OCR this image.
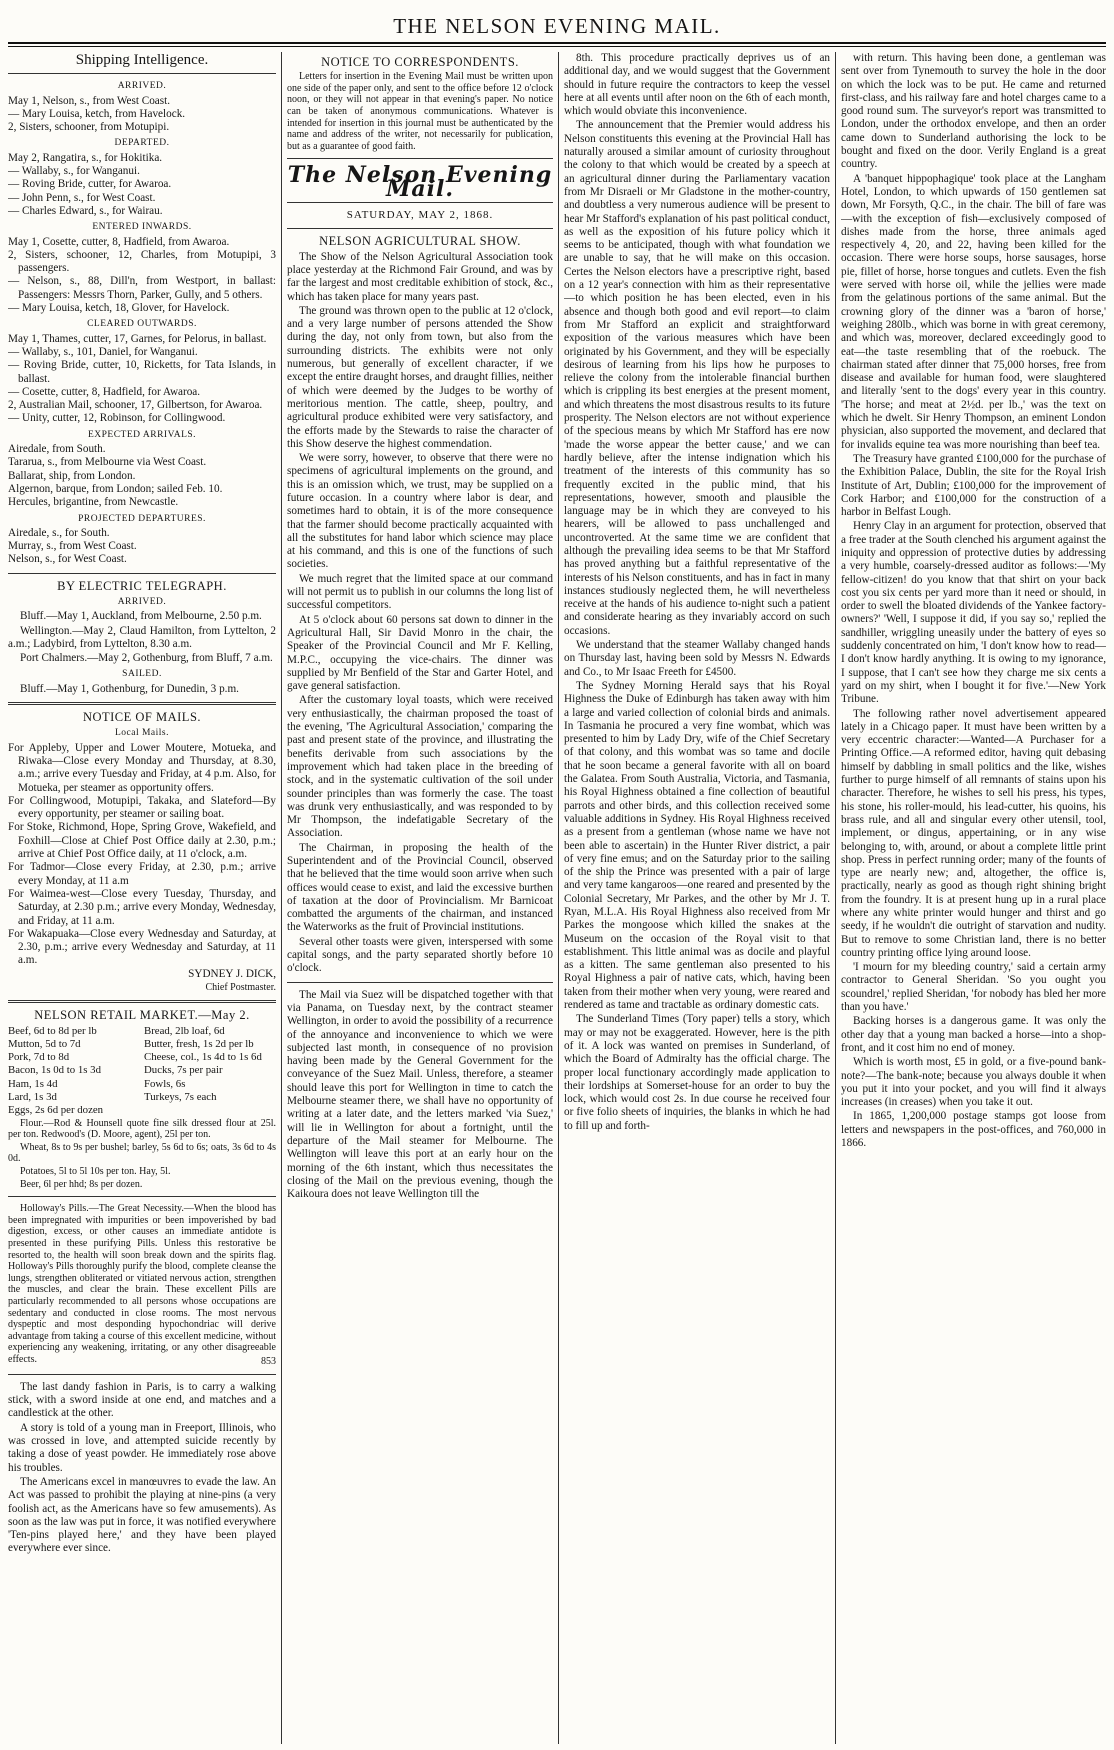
THE NELSON EVENING MAIL.
Shipping Intelligence.
ARRIVED.
May 1, Nelson, s., from West Coast.
— Mary Louisa, ketch, from Havelock.
2, Sisters, schooner, from Motupipi.
DEPARTED.
May 2, Rangatira, s., for Hokitika.
— Wallaby, s., for Wanganui.
— Roving Bride, cutter, for Awaroa.
— John Penn, s., for West Coast.
— Charles Edward, s., for Wairau.
ENTERED INWARDS.
May 1, Cosette, cutter, 8, Hadfield, from Awaroa.
2, Sisters, schooner, 12, Charles, from Motupipi, 3 passengers.
— Nelson, s., 88, Dill'n, from Westport, in ballast: Passengers: Messrs Thorn, Parker, Gully, and 5 others.
— Mary Louisa, ketch, 18, Glover, for Havelock.
CLEARED OUTWARDS.
May 1, Thames, cutter, 17, Garnes, for Pelorus, in ballast.
— Wallaby, s., 101, Daniel, for Wanganui.
— Roving Bride, cutter, 10, Ricketts, for Tata Islands, in ballast.
— Cosette, cutter, 8, Hadfield, for Awaroa.
2, Australian Mail, schooner, 17, Gilbertson, for Awaroa.
— Unity, cutter, 12, Robinson, for Collingwood.
EXPECTED ARRIVALS.
Airedale, from South.
Tararua, s., from Melbourne via West Coast.
Ballarat, ship, from London.
Algernon, barque, from London; sailed Feb. 10.
Hercules, brigantine, from Newcastle.
PROJECTED DEPARTURES.
Airedale, s., for South.
Murray, s., from West Coast.
Nelson, s., for West Coast.
BY ELECTRIC TELEGRAPH.
ARRIVED.

Bluff.—May 1, Auckland, from Melbourne, 2.50 p.m.

Wellington.—May 2, Claud Hamilton, from Lyttelton, 2 a.m.; Ladybird, from Lyttelton, 8.30 a.m.

Port Chalmers.—May 2, Gothenburg, from Bluff, 7 a.m.

SAILED.

Bluff.—May 1, Gothenburg, for Dunedin, 3 p.m.

NOTICE OF MAILS.
Local Mails.
For Appleby, Upper and Lower Moutere, Motueka, and Riwaka—Close every Monday and Thursday, at 8.30, a.m.; arrive every Tuesday and Friday, at 4 p.m. Also, for Motueka, per steamer as opportunity offers.
For Collingwood, Motupipi, Takaka, and Slateford—By every opportunity, per steamer or sailing boat.
For Stoke, Richmond, Hope, Spring Grove, Wakefield, and Foxhill—Close at Chief Post Office daily at 2.30, p.m.; arrive at Chief Post Office daily, at 11 o'clock, a.m.
For Tadmor—Close every Friday, at 2.30, p.m.; arrive every Monday, at 11 a.m
For Waimea-west—Close every Tuesday, Thursday, and Saturday, at 2.30 p.m.; arrive every Monday, Wednesday, and Friday, at 11 a.m.
For Wakapuaka—Close every Wednesday and Saturday, at 2.30, p.m.; arrive every Wednesday and Saturday, at 11 a.m.
SYDNEY J. DICK,
Chief Postmaster.
NELSON RETAIL MARKET.—May 2.
Beef, 6d to 8d per lb
Mutton, 5d to 7d
Pork, 7d to 8d
Bacon, 1s 0d to 1s 3d
Ham, 1s 4d
Lard, 1s 3d
Eggs, 2s 6d per dozen
Bread, 2lb loaf, 6d
Butter, fresh, 1s 2d per lb
Cheese, col., 1s 4d to 1s 6d
Ducks, 7s per pair
Fowls, 6s
Turkeys, 7s each

Flour.—Rod & Hounsell quote fine silk dressed flour at 25l. per ton. Redwood's (D. Moore, agent), 25l per ton.

Wheat, 8s to 9s per bushel; barley, 5s 6d to 6s; oats, 3s 6d to 4s 0d.

Potatoes, 5l to 5l 10s per ton. Hay, 5l.

Beer, 6l per hhd; 8s per dozen.

Holloway's Pills.—The Great Necessity.—When the blood has been impregnated with impurities or been impoverished by bad digestion, excess, or other causes an immediate antidote is presented in these purifying Pills. Unless this restorative be resorted to, the health will soon break down and the spirits flag. Holloway's Pills thoroughly purify the blood, complete cleanse the lungs, strengthen obliterated or vitiated nervous action, strengthen the muscles, and clear the brain. These excellent Pills are particularly recommended to all persons whose occupations are sedentary and conducted in close rooms. The most nervous dyspeptic and most desponding hypochondriac will derive advantage from taking a course of this excellent medicine, without experiencing any weakening, irritating, or any other disagreeable effects.	853

The last dandy fashion in Paris, is to carry a walking stick, with a sword inside at one end, and matches and a candlestick at the other.

A story is told of a young man in Freeport, Illinois, who was crossed in love, and attempted suicide recently by taking a dose of yeast powder. He immediately rose above his troubles.

The Americans excel in manœuvres to evade the law. An Act was passed to prohibit the playing at nine-pins (a very foolish act, as the Americans have so few amusements). As soon as the law was put in force, it was notified everywhere 'Ten-pins played here,' and they have been played everywhere ever since.

NOTICE TO CORRESPONDENTS.

Letters for insertion in the Evening Mail must be written upon one side of the paper only, and sent to the office before 12 o'clock noon, or they will not appear in that evening's paper. No notice can be taken of anonymous communications. Whatever is intended for insertion in this journal must be authenticated by the name and address of the writer, not necessarily for publication, but as a guarantee of good faith.

The Nelson Evening Mail.
SATURDAY, MAY 2, 1868.
NELSON AGRICULTURAL SHOW.

The Show of the Nelson Agricultural Association took place yesterday at the Richmond Fair Ground, and was by far the largest and most creditable exhibition of stock, &c., which has taken place for many years past.

The ground was thrown open to the public at 12 o'clock, and a very large number of persons attended the Show during the day, not only from town, but also from the surrounding districts. The exhibits were not only numerous, but generally of excellent character, if we except the entire draught horses, and draught fillies, neither of which were deemed by the Judges to be worthy of meritorious mention. The cattle, sheep, poultry, and agricultural produce exhibited were very satisfactory, and the efforts made by the Stewards to raise the character of this Show deserve the highest commendation.

We were sorry, however, to observe that there were no specimens of agricultural implements on the ground, and this is an omission which, we trust, may be supplied on a future occasion. In a country where labor is dear, and sometimes hard to obtain, it is of the more consequence that the farmer should become practically acquainted with all the substitutes for hand labor which science may place at his command, and this is one of the functions of such societies.

We much regret that the limited space at our command will not permit us to publish in our columns the long list of successful competitors.

At 5 o'clock about 60 persons sat down to dinner in the Agricultural Hall, Sir David Monro in the chair, the Speaker of the Provincial Council and Mr F. Kelling, M.P.C., occupying the vice-chairs. The dinner was supplied by Mr Benfield of the Star and Garter Hotel, and gave general satisfaction.

After the customary loyal toasts, which were received very enthusiastically, the chairman proposed the toast of the evening, 'The Agricultural Association,' comparing the past and present state of the province, and illustrating the benefits derivable from such associations by the improvement which had taken place in the breeding of stock, and in the systematic cultivation of the soil under sounder principles than was formerly the case. The toast was drunk very enthusiastically, and was responded to by Mr Thompson, the indefatigable Secretary of the Association.

The Chairman, in proposing the health of the Superintendent and of the Provincial Council, observed that he believed that the time would soon arrive when such offices would cease to exist, and laid the excessive burthen of taxation at the door of Provincialism. Mr Barnicoat combatted the arguments of the chairman, and instanced the Waterworks as the fruit of Provincial institutions.

Several other toasts were given, interspersed with some capital songs, and the party separated shortly before 10 o'clock.

The Mail via Suez will be dispatched together with that via Panama, on Tuesday next, by the contract steamer Wellington, in order to avoid the possibility of a recurrence of the annoyance and inconvenience to which we were subjected last month, in consequence of no provision having been made by the General Government for the conveyance of the Suez Mail. Unless, therefore, a steamer should leave this port for Wellington in time to catch the Melbourne steamer there, we shall have no opportunity of writing at a later date, and the letters marked 'via Suez,' will lie in Wellington for about a fortnight, until the departure of the Mail steamer for Melbourne. The Wellington will leave this port at an early hour on the morning of the 6th instant, which thus necessitates the closing of the Mail on the previous evening, though the Kaikoura does not leave Wellington till the

8th. This procedure practically deprives us of an additional day, and we would suggest that the Government should in future require the contractors to keep the vessel here at all events until after noon on the 6th of each month, which would obviate this inconvenience.

The announcement that the Premier would address his Nelson constituents this evening at the Provincial Hall has naturally aroused a similar amount of curiosity throughout the colony to that which would be created by a speech at an agricultural dinner during the Parliamentary vacation from Mr Disraeli or Mr Gladstone in the mother-country, and doubtless a very numerous audience will be present to hear Mr Stafford's explanation of his past political conduct, as well as the exposition of his future policy which it seems to be anticipated, though with what foundation we are unable to say, that he will make on this occasion. Certes the Nelson electors have a prescriptive right, based on a 12 year's connection with him as their representative—to which position he has been elected, even in his absence and though both good and evil report—to claim from Mr Stafford an explicit and straightforward exposition of the various measures which have been originated by his Government, and they will be especially desirous of learning from his lips how he purposes to relieve the colony from the intolerable financial burthen which is crippling its best energies at the present moment, and which threatens the most disastrous results to its future prosperity. The Nelson electors are not without experience of the specious means by which Mr Stafford has ere now 'made the worse appear the better cause,' and we can hardly believe, after the intense indignation which his treatment of the interests of this community has so frequently excited in the public mind, that his representations, however, smooth and plausible the language may be in which they are conveyed to his hearers, will be allowed to pass unchallenged and uncontroverted. At the same time we are confident that although the prevailing idea seems to be that Mr Stafford has proved anything but a faithful representative of the interests of his Nelson constituents, and has in fact in many instances studiously neglected them, he will nevertheless receive at the hands of his audience to-night such a patient and considerate hearing as they invariably accord on such occasions.

We understand that the steamer Wallaby changed hands on Thursday last, having been sold by Messrs N. Edwards and Co., to Mr Isaac Freeth for £4500.

The Sydney Morning Herald says that his Royal Highness the Duke of Edinburgh has taken away with him a large and varied collection of colonial birds and animals. In Tasmania he procured a very fine wombat, which was presented to him by Lady Dry, wife of the Chief Secretary of that colony, and this wombat was so tame and docile that he soon became a general favorite with all on board the Galatea. From South Australia, Victoria, and Tasmania, his Royal Highness obtained a fine collection of beautiful parrots and other birds, and this collection received some valuable additions in Sydney. His Royal Highness received as a present from a gentleman (whose name we have not been able to ascertain) in the Hunter River district, a pair of very fine emus; and on the Saturday prior to the sailing of the ship the Prince was presented with a pair of large and very tame kangaroos—one reared and presented by the Colonial Secretary, Mr Parkes, and the other by Mr J. T. Ryan, M.L.A. His Royal Highness also received from Mr Parkes the mongoose which killed the snakes at the Museum on the occasion of the Royal visit to that establishment. This little animal was as docile and playful as a kitten. The same gentleman also presented to his Royal Highness a pair of native cats, which, having been taken from their mother when very young, were reared and rendered as tame and tractable as ordinary domestic cats.

The Sunderland Times (Tory paper) tells a story, which may or may not be exaggerated. However, here is the pith of it. A lock was wanted on premises in Sunderland, of which the Board of Admiralty has the official charge. The proper local functionary accordingly made application to their lordships at Somerset-house for an order to buy the lock, which would cost 2s. In due course he received four or five folio sheets of inquiries, the blanks in which he had to fill up and forth-

with return. This having been done, a gentleman was sent over from Tynemouth to survey the hole in the door on which the lock was to be put. He came and returned first-class, and his railway fare and hotel charges came to a good round sum. The surveyor's report was transmitted to London, under the orthodox envelope, and then an order came down to Sunderland authorising the lock to be bought and fixed on the door. Verily England is a great country.

A 'banquet hippophagique' took place at the Langham Hotel, London, to which upwards of 150 gentlemen sat down, Mr Forsyth, Q.C., in the chair. The bill of fare was—with the exception of fish—exclusively composed of dishes made from the horse, three animals aged respectively 4, 20, and 22, having been killed for the occasion. There were horse soups, horse sausages, horse pie, fillet of horse, horse tongues and cutlets. Even the fish were served with horse oil, while the jellies were made from the gelatinous portions of the same animal. But the crowning glory of the dinner was a 'baron of horse,' weighing 280lb., which was borne in with great ceremony, and which was, moreover, declared exceedingly good to eat—the taste resembling that of the roebuck. The chairman stated after dinner that 75,000 horses, free from disease and available for human food, were slaughtered and literally 'sent to the dogs' every year in this country. 'The horse; and meat at 2½d. per lb.,' was the text on which he dwelt. Sir Henry Thompson, an eminent London physician, also supported the movement, and declared that for invalids equine tea was more nourishing than beef tea.

The Treasury have granted £100,000 for the purchase of the Exhibition Palace, Dublin, the site for the Royal Irish Institute of Art, Dublin; £100,000 for the improvement of Cork Harbor; and £100,000 for the construction of a harbor in Belfast Lough.

Henry Clay in an argument for protection, observed that a free trader at the South clenched his argument against the iniquity and oppression of protective duties by addressing a very humble, coarsely-dressed auditor as follows:—'My fellow-citizen! do you know that that shirt on your back cost you six cents per yard more than it need or should, in order to swell the bloated dividends of the Yankee factory-owners?' 'Well, I suppose it did, if you say so,' replied the sandhiller, wriggling uneasily under the battery of eyes so suddenly concentrated on him, 'I don't know how to read—I don't know hardly anything. It is owing to my ignorance, I suppose, that I can't see how they charge me six cents a yard on my shirt, when I bought it for five.'—New York Tribune.

The following rather novel advertisement appeared lately in a Chicago paper. It must have been written by a very eccentric character:—Wanted—A Purchaser for a Printing Office.—A reformed editor, having quit debasing himself by dabbling in small politics and the like, wishes further to purge himself of all remnants of stains upon his character. Therefore, he wishes to sell his press, his types, his stone, his roller-mould, his lead-cutter, his quoins, his brass rule, and all and singular every other utensil, tool, implement, or dingus, appertaining, or in any wise belonging to, with, around, or about a complete little print shop. Press in perfect running order; many of the founts of type are nearly new; and, altogether, the office is, practically, nearly as good as though right shining bright from the foundry. It is at present hung up in a rural place where any white printer would hunger and thirst and go seedy, if he wouldn't die outright of starvation and nudity. But to remove to some Christian land, there is no better country printing office lying around loose.

'I mourn for my bleeding country,' said a certain army contractor to General Sheridan. 'So you ought you scoundrel,' replied Sheridan, 'for nobody has bled her more than you have.'

Backing horses is a dangerous game. It was only the other day that a young man backed a horse—into a shop-front, and it cost him no end of money.

Which is worth most, £5 in gold, or a five-pound bank-note?—The bank-note; because you always double it when you put it into your pocket, and you will find it always increases (in creases) when you take it out.

In 1865, 1,200,000 postage stamps got loose from letters and newspapers in the post-offices, and 760,000 in 1866.
